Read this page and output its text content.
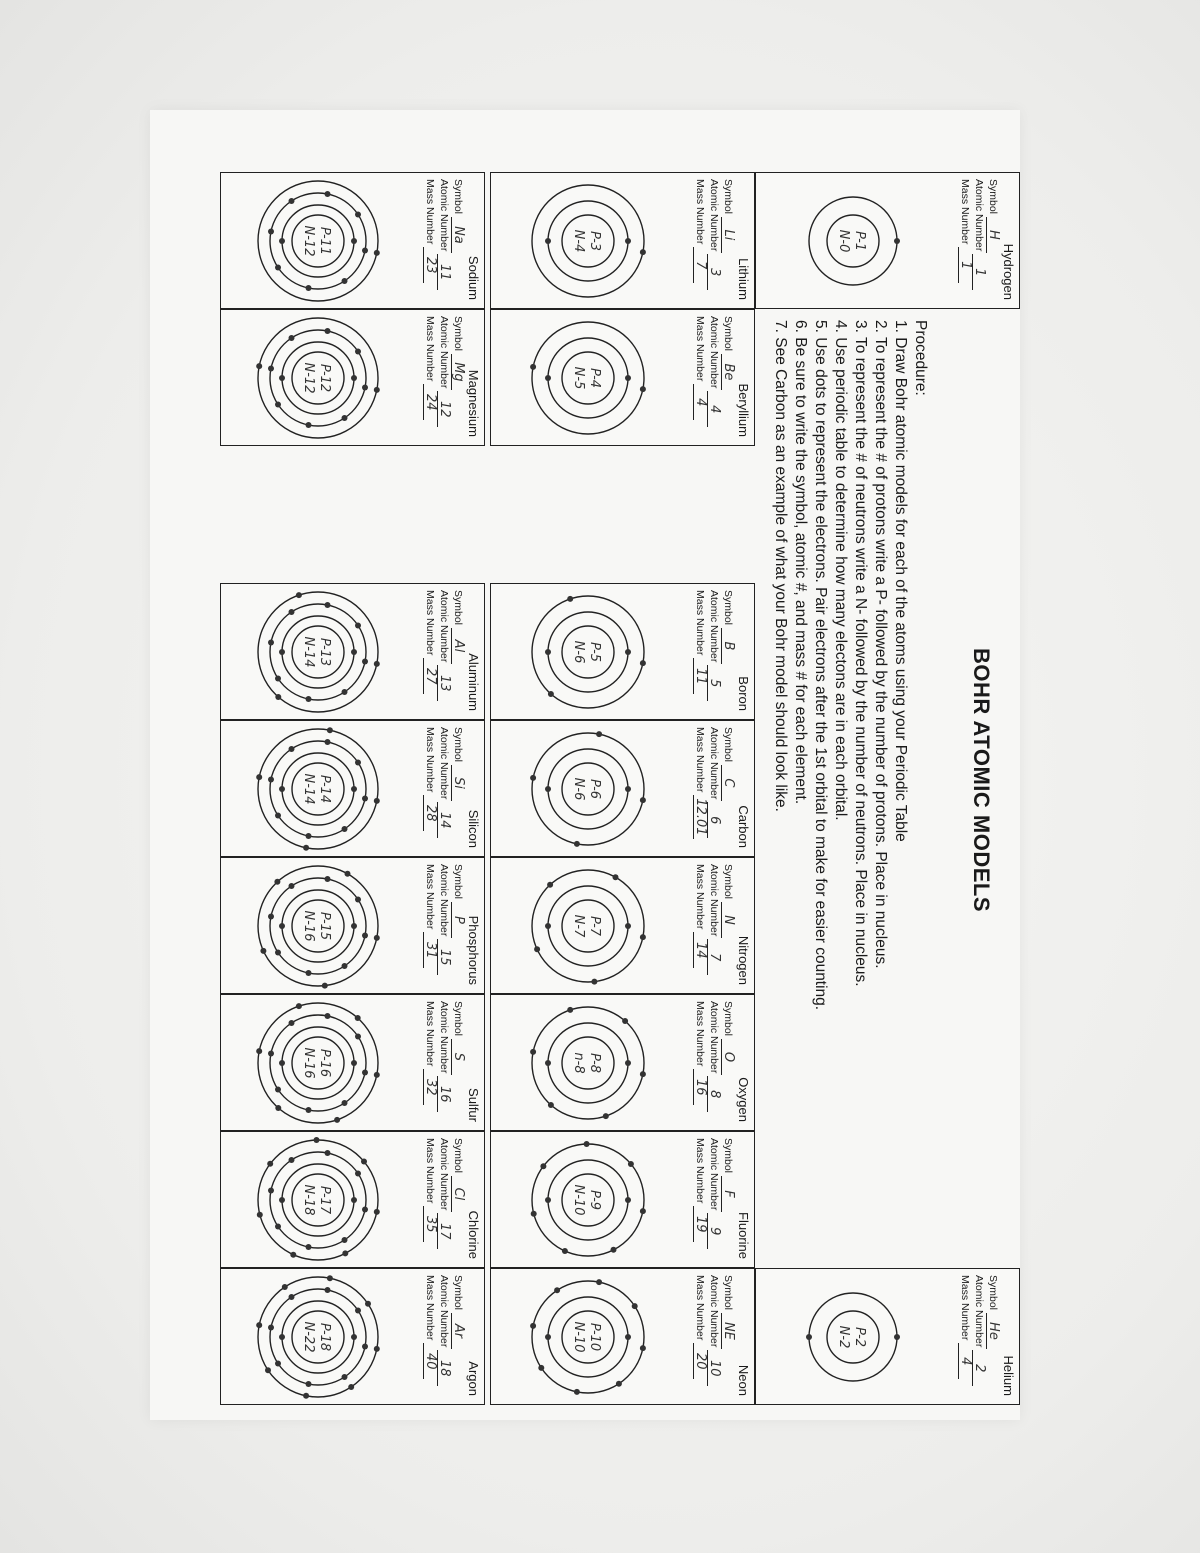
BOHR ATOMIC MODELS
Procedure:
1. Draw Bohr atomic models for each of the atoms using your Periodic Table
2. To represent the # of protons write a P- followed by the number of protons. Place in nucleus.
3. To represent the # of neutrons write a N- followed by the number of neutrons. Place in nucleus.
4. Use periodic table to determine how many electons are in each orbital.
5. Use dots to represent the electrons. Pair electrons after the 1st orbital to make for easier counting.
6. Be sure to write the symbol, atomic #, and mass # for each element.
7. See Carbon as an example of what your Bohr model should look like.
Hydrogen
Symbol H
Atomic Number 1
Mass Number 1
P-1
N-0
Helium
Symbol He
Atomic Number 2
Mass Number 4
P-2
N-2
Lithium
Symbol Li
Atomic Number 3
Mass Number 7
P-3
N-4
Beryllium
Symbol Be
Atomic Number 4
Mass Number 4
P-4
N-5
Boron
Symbol B
Atomic Number 5
Mass Number 11
P-5
N-6
Carbon
Symbol C
Atomic Number 6
Mass Number 12.01
P-6
N-6
Nitrogen
Symbol N
Atomic Number 7
Mass Number 14
P-7
N-7
Oxygen
Symbol O
Atomic Number 8
Mass Number 16
P-8
n-8
Fluorine
Symbol F
Atomic Number 9
Mass Number 19
P-9
N-10
Neon
Symbol NE
Atomic Number 10
Mass Number 20
P-10
N-10
Sodium
Symbol Na
Atomic Number 11
Mass Number 23
P-11
N-12
Magnesium
Symbol Mg
Atomic Number 12
Mass Number 24
P-12
N-12
Aluminum
Symbol Al
Atomic Number 13
Mass Number 27
P-13
N-14
Silicon
Symbol Si
Atomic Number 14
Mass Number 28
P-14
N-14
Phosphorus
Symbol P
Atomic Number 15
Mass Number 31
P-15
N-16
Sulfur
Symbol S
Atomic Number 16
Mass Number 32
P-16
N-16
Chlorine
Symbol Cl
Atomic Number 17
Mass Number 35
P-17
N-18
Argon
Symbol Ar
Atomic Number 18
Mass Number 40
P-18
N-22
